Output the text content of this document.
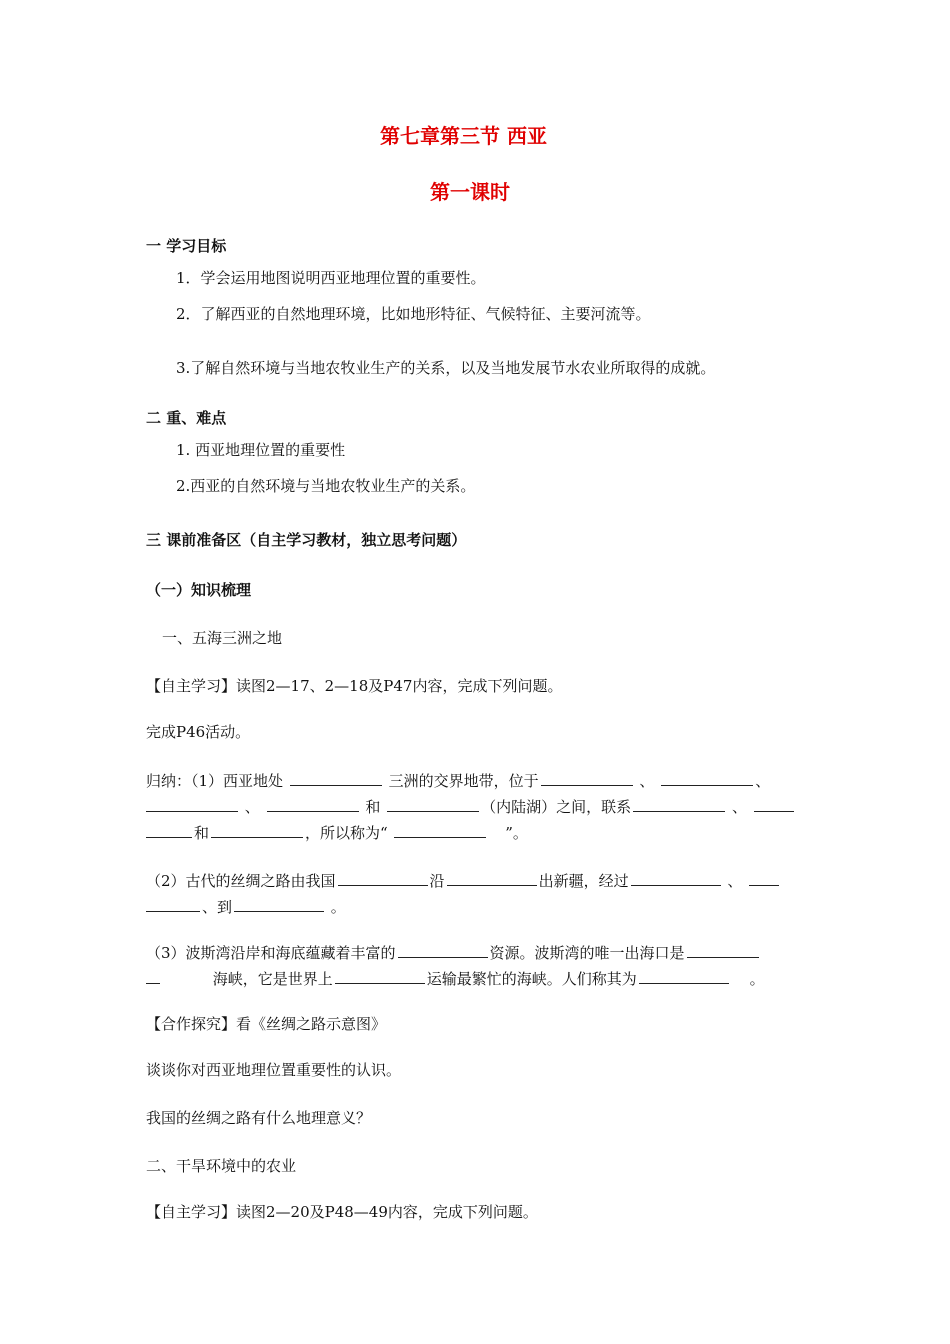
第七章第三节 西亚
第一课时
一 学习目标
1．学会运用地图说明西亚地理位置的重要性。
2．了解西亚的自然地理环境，比如地形特征、气候特征、主要河流等。
3.了解自然环境与当地农牧业生产的关系，以及当地发展节水农业所取得的成就。
二 重、难点
1. 西亚地理位置的重要性
2.西亚的自然环境与当地农牧业生产的关系。
三 课前准备区（自主学习教材，独立思考问题）
（一）知识梳理
一、五海三洲之地
【自主学习】读图2—17、2—18及P47内容，完成下列问题。
完成P46活动。
归纳：（1）西亚地处	三洲的交界地带，位于	、	、
、	和	（内陆湖）之间，联系	、
和	，所以称为“	”。
（2）古代的丝绸之路由我国	沿	出新疆，经过	、
、到	。
（3）波斯湾沿岸和海底蕴藏着丰富的	资源。波斯湾的唯一出海口是
海峡，它是世界上	运输最繁忙的海峡。人们称其为	。
【合作探究】看《丝绸之路示意图》
谈谈你对西亚地理位置重要性的认识。
我国的丝绸之路有什么地理意义？
二、干旱环境中的农业
【自主学习】读图2—20及P48—49内容，完成下列问题。
